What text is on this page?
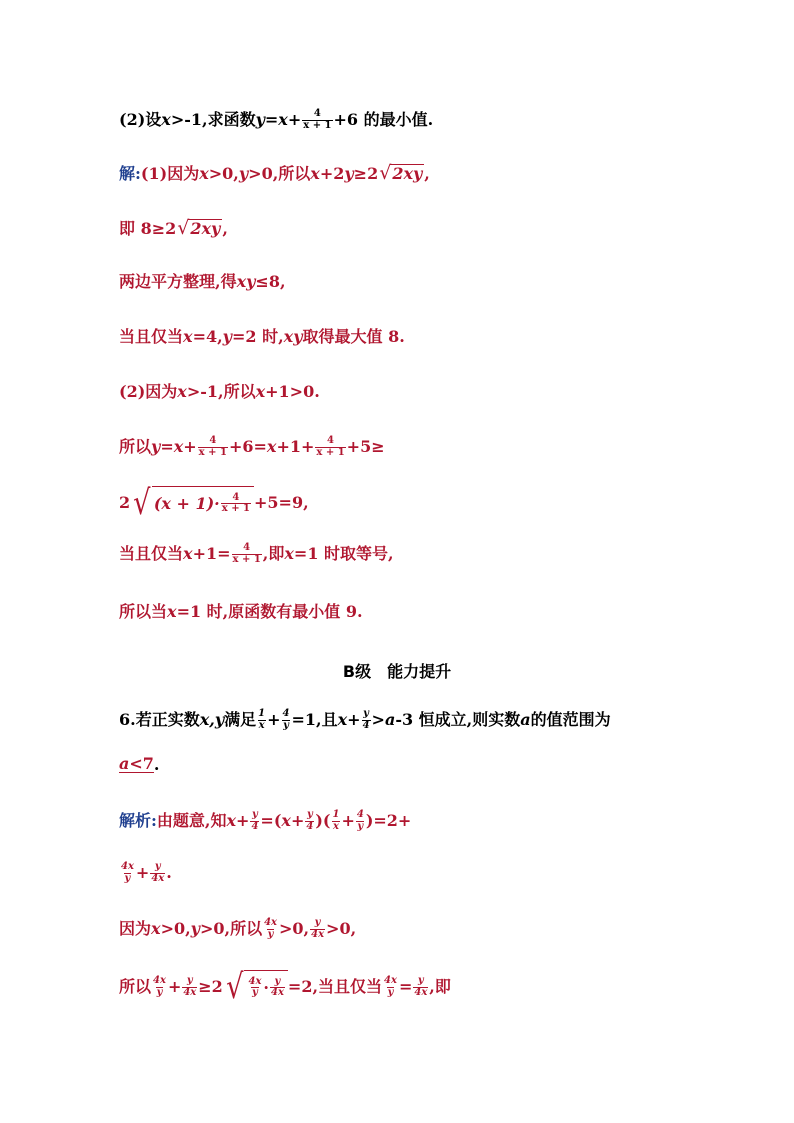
(2)设 x >-1,求函数 $y = x + \frac{4}{x + 1} +6$ 的最小值.
解: (1)因为 x >0, y >0,所以 x +2 y ≥2 √ 2xy ,
即 8≥2 √ 2xy ,
两边平方整理,得 xy ≤8,
当且仅当 x =4, y =2 时, xy 取得最大值 8.
(2)因为 x >-1,所以 x +1>0.
所以 $y = x + \frac{4}{x + 1} +6= x +1+ \frac{4}{x + 1} +5\ge$
2 √ $(x + 1)\cdot \frac{4}{x + 1} +5=9$,
当且仅当 $x +1= \frac{4}{x + 1}$ ,即 x =1 时取等号,
所以当 x =1 时,原函数有最小值 9.
B级　能力提升
6.若正实数 x,y 满足 $\frac{1}{x} + \frac{4}{y} =1$,且 $x + \frac{y}{4} > a$ -3 恒成立,则实数 a 的值范围为
a<7 .
解析: 由题意,知 $x + \frac{y}{4}$ =( $x + \frac{y}{4}$ )( $\frac{1}{x} + \frac{4}{y} )=2+$
$\frac{4x}{y} + \frac{y}{4x}$ .
因为 x >0, y >0,所以 $\frac{4x}{y} >0$, $\frac{y}{4x} >0$,
所以 $\frac{4x}{y} + \frac{y}{4x} \ge 2$ √ $\frac{4x}{y} \cdot \frac{y}{4x} =2$,当且仅当 $\frac{4x}{y} = \frac{y}{4x}$ ,即
